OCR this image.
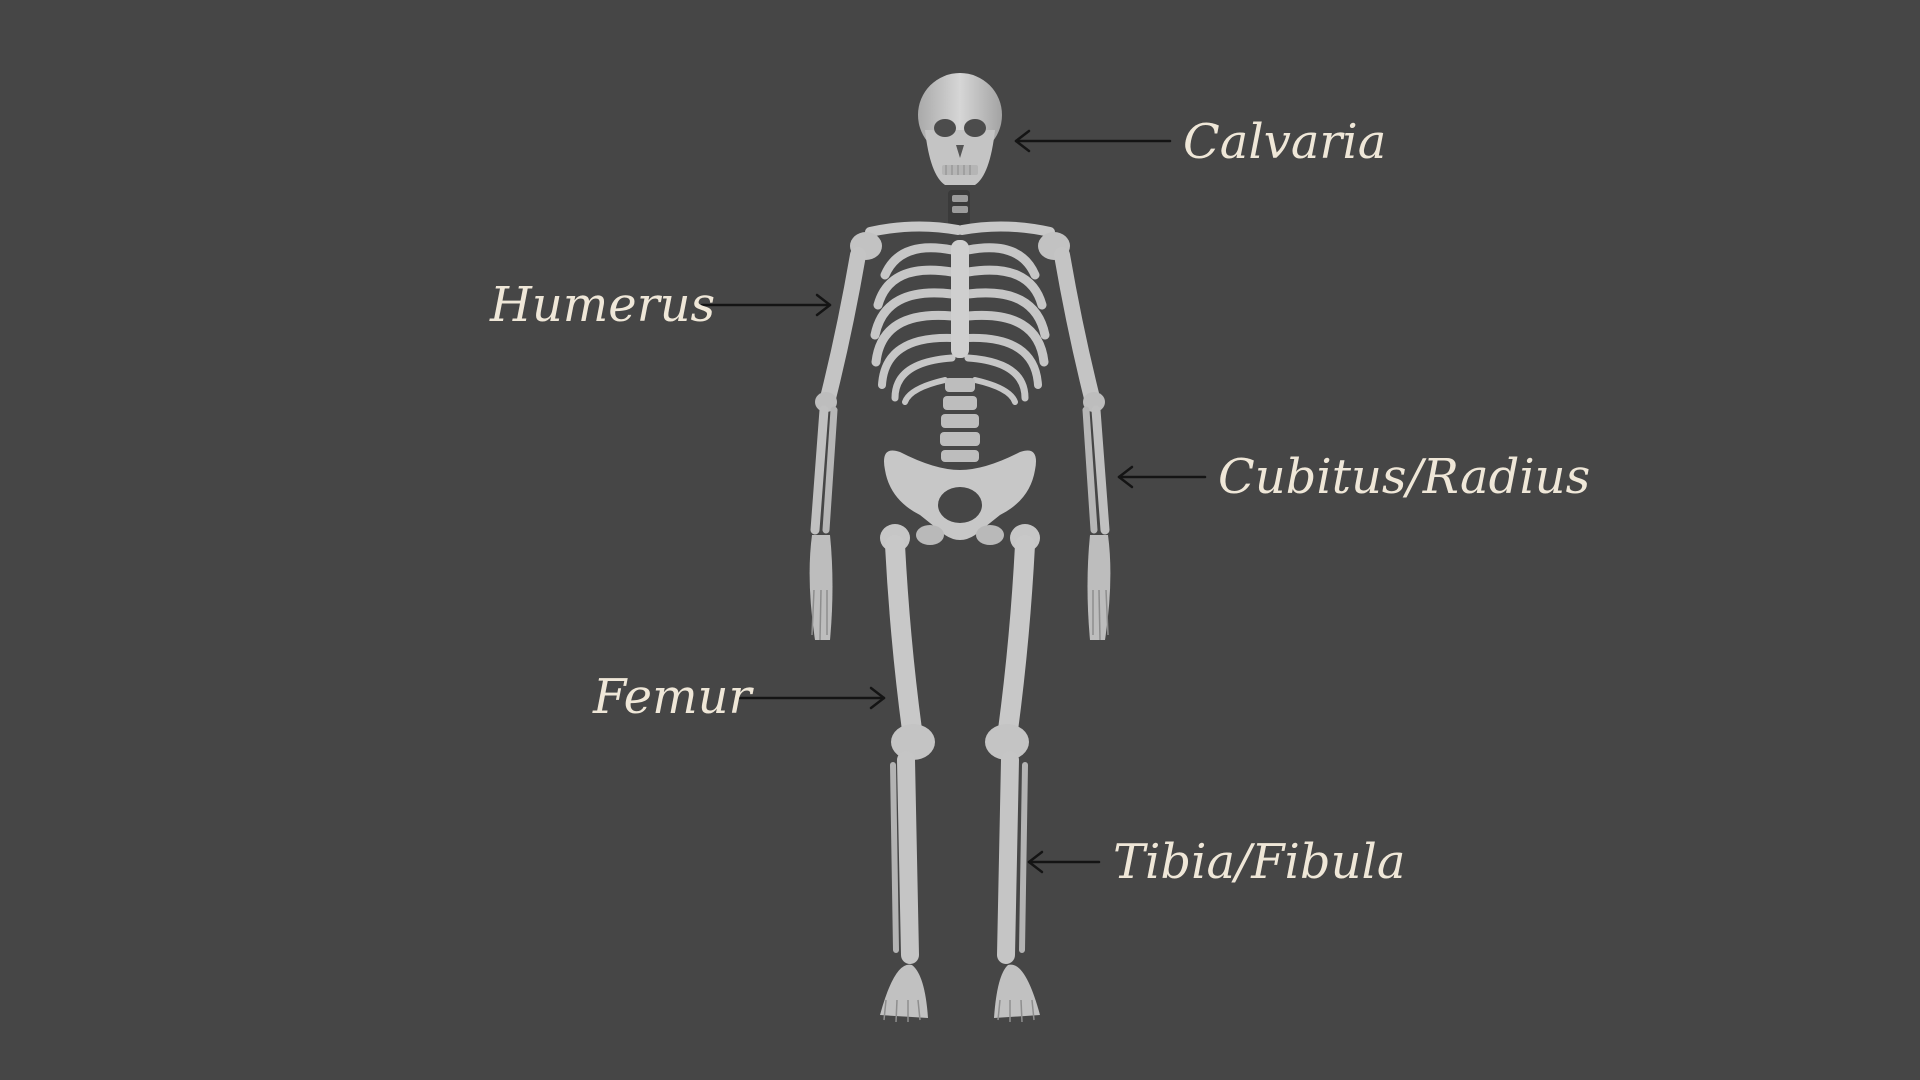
Calvaria
Humerus
Cubitus/Radius
Femur
Tibia/Fibula
